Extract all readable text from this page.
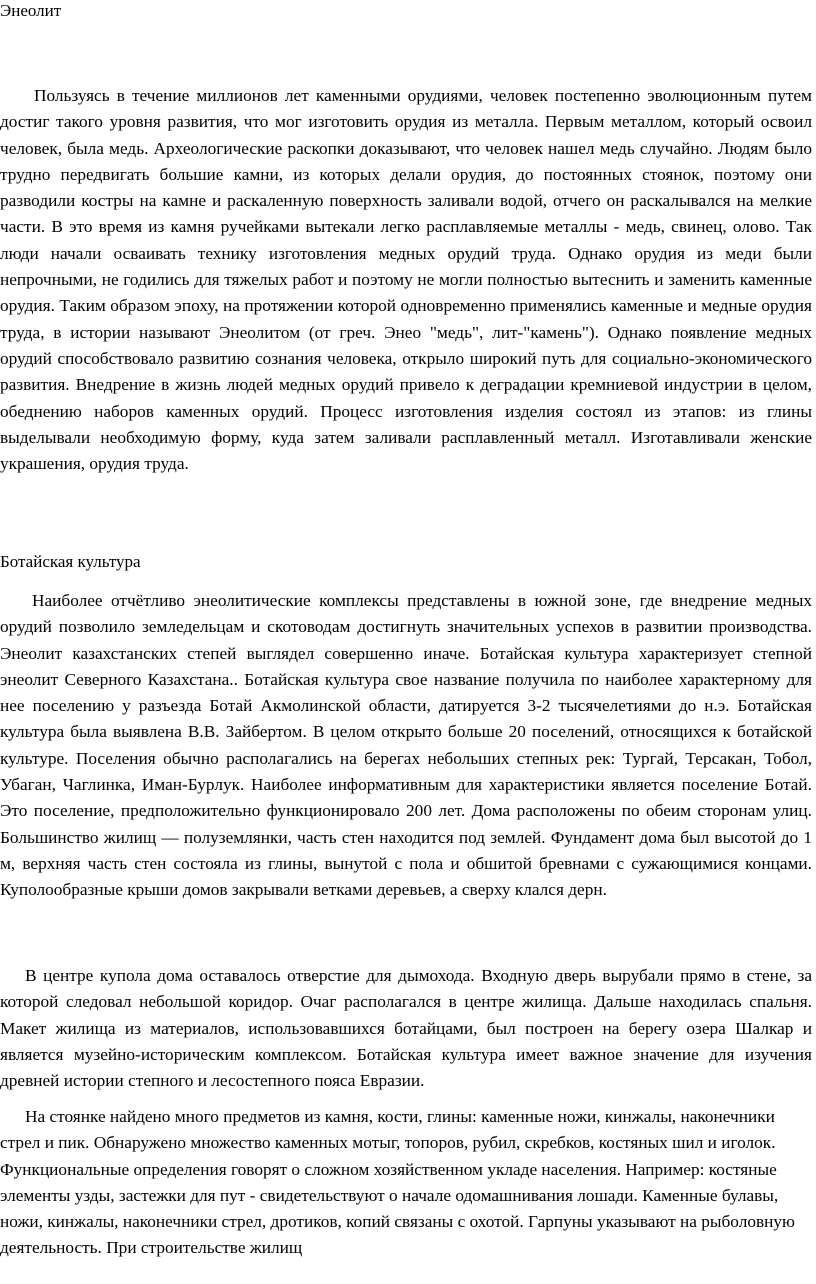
Энеолит

Пользуясь в течение миллионов лет каменными орудиями, человек постепенно эволюционным путем достиг такого уровня развития, что мог изготовить орудия из металла. Первым металлом, который освоил человек, была медь. Археологические раскопки доказывают, что человек нашел медь случайно. Людям было трудно передвигать большие камни, из которых делали орудия, до постоянных стоянок, поэтому они разводили костры на камне и раскаленную поверхность заливали водой, отчего он раскалывался на мелкие части. В это время из камня ручейками вытекали легко расплавляемые металлы - медь, свинец, олово. Так люди начали осваивать технику изготовления медных орудий труда. Однако орудия из меди были непрочными, не годились для тяжелых работ и поэтому не могли полностью вытеснить и заменить каменные орудия. Таким образом эпоху, на протяжении которой одновременно применялись каменные и медные орудия труда, в истории называют Энеолитом (от греч. Энео "медь", лит-"камень"). Однако появление медных орудий способствовало развитию сознания человека, открыло широкий путь для социально-экономического развития. Внедрение в жизнь людей медных орудий привело к деградации кремниевой индустрии в целом, обеднению наборов каменных орудий. Процесс изготовления изделия состоял из этапов: из глины выделывали необходимую форму, куда затем заливали расплавленный металл. Изготавливали женские украшения, орудия труда.

Ботайская культура

Наиболее отчётливо энеолитические комплексы представлены в южной зоне, где внедрение медных орудий позволило земледельцам и скотоводам достигнуть значительных успехов в развитии производства. Энеолит казахстанских степей выглядел совершенно иначе. Ботайская культура характеризует степной энеолит Северного Казахстана.. Ботайская культура свое название получила по наиболее характерному для нее поселению у разъезда Ботай Акмолинской области, датируется 3-2 тысячелетиями до н.э. Ботайская культура была выявлена В.В. Зайбертом. В целом открыто больше 20 поселений, относящихся к ботайской культуре. Поселения обычно располагались на берегах небольших степных рек: Тургай, Терсакан, Тобол, Убаган, Чаглинка, Иман-Бурлук. Наиболее информативным для характеристики является поселение Ботай. Это поселение, предположительно функционировало 200 лет. Дома расположены по обеим сторонам улиц. Большинство жилищ — полуземлянки, часть стен находится под землей. Фундамент дома был высотой до 1 м, верхняя часть стен состояла из глины, вынутой с пола и обшитой бревнами с сужающимися концами. Куполообразные крыши домов закрывали ветками деревьев, а сверху клался дерн.

В центре купола дома оставалось отверстие для дымохода. Входную дверь вырубали прямо в стене, за которой следовал небольшой коридор. Очаг располагался в центре жилища. Дальше находилась спальня. Макет жилища из материалов, использовавшихся ботайцами, был построен на берегу озера Шалкар и является музейно-историческим комплексом. Ботайская культура имеет важное значение для изучения древней истории степного и лесостепного пояса Евразии.

На стоянке найдено много предметов из камня, кости, глины: каменные ножи, кинжалы, наконечники стрел и пик. Обнаружено множество каменных мотыг, топоров, рубил, скребков, костяных шил и иголок. Функциональные определения говорят о сложном хозяйственном укладе населения. Например: костяные элементы узды, застежки для пут - свидетельствуют о начале одомашнивания лошади. Каменные булавы, ножи, кинжалы, наконечники стрел, дротиков, копий связаны с охотой. Гарпуны указывают на рыболовную деятельность. При строительстве жилищ
